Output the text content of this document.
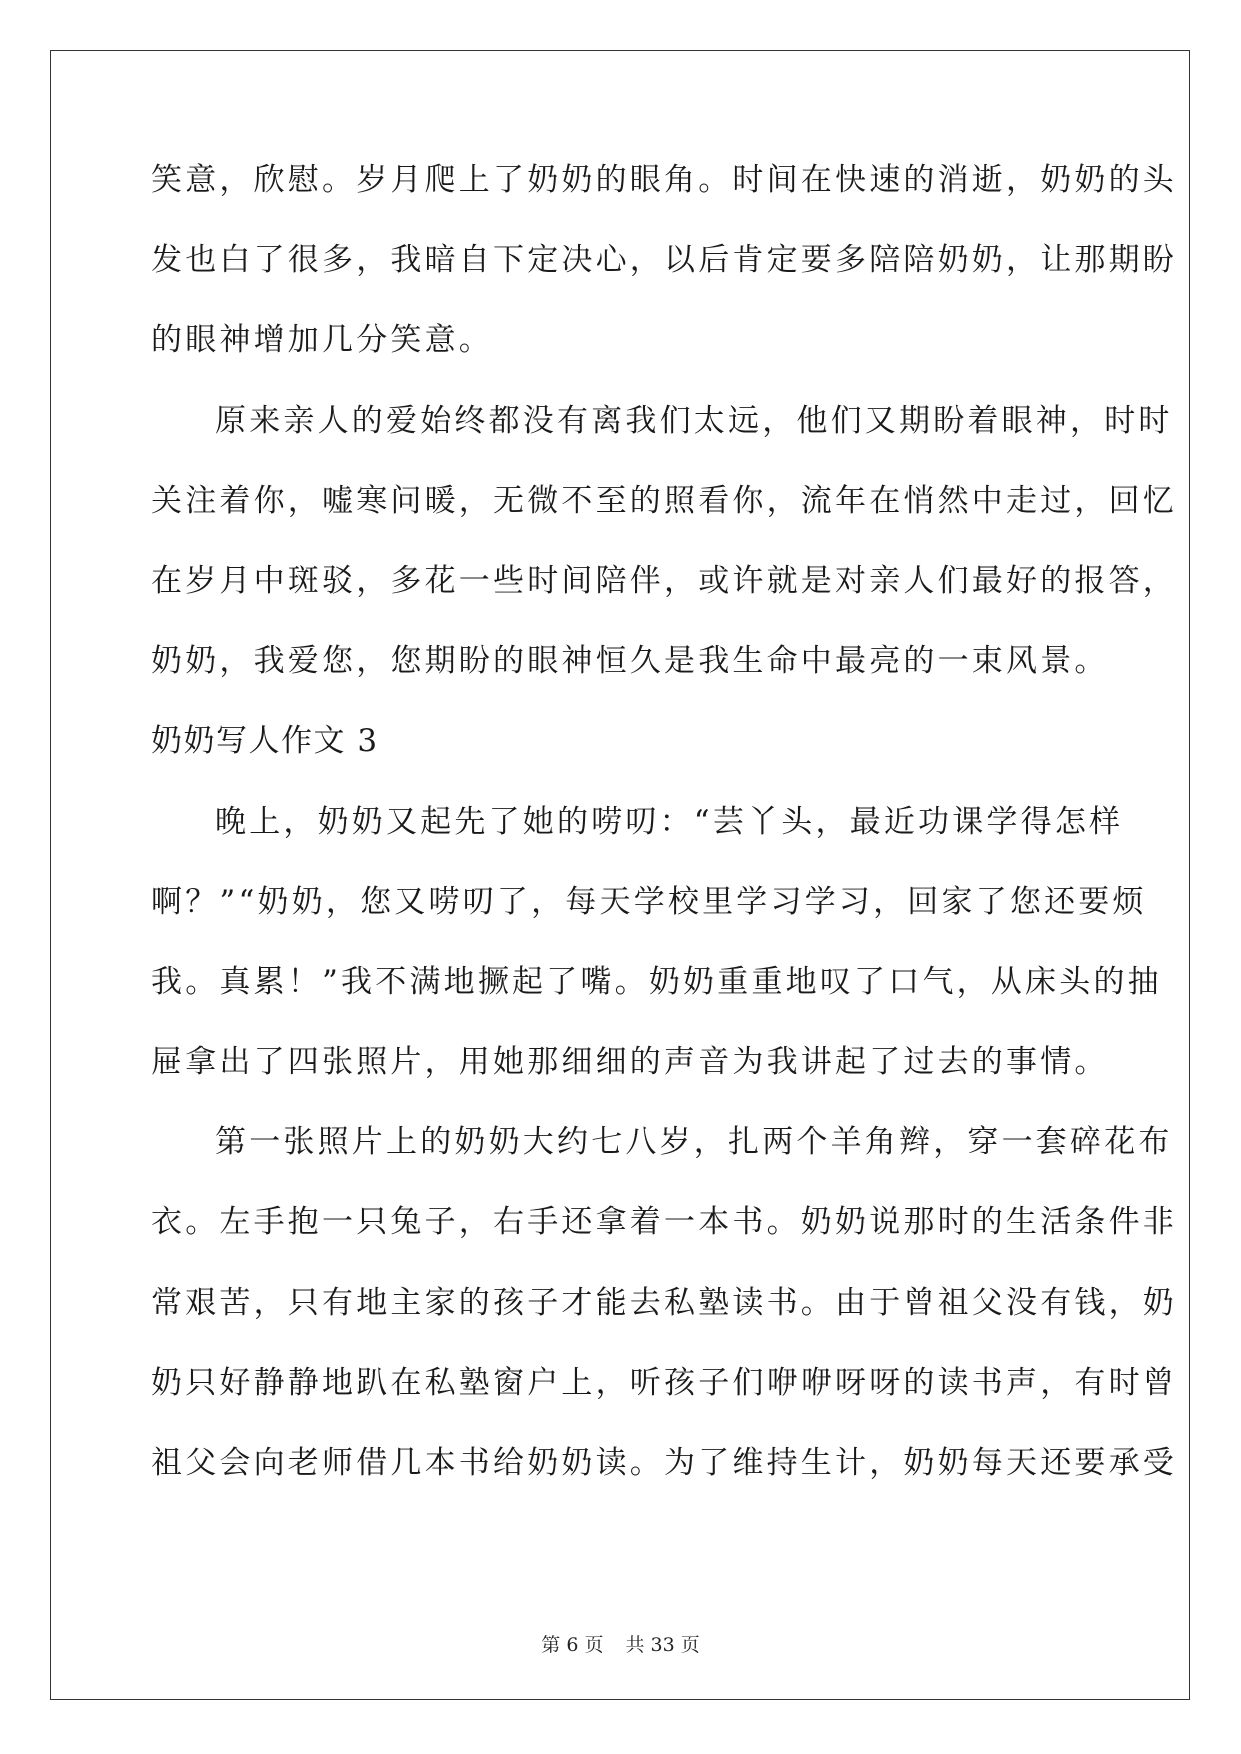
笑意，欣慰。岁月爬上了奶奶的眼角。时间在快速的消逝，奶奶的头
发也白了很多，我暗自下定决心，以后肯定要多陪陪奶奶，让那期盼
的眼神增加几分笑意。
原来亲人的爱始终都没有离我们太远，他们又期盼着眼神，时时
关注着你，嘘寒问暖，无微不至的照看你，流年在悄然中走过，回忆
在岁月中斑驳，多花一些时间陪伴，或许就是对亲人们最好的报答，
奶奶，我爱您，您期盼的眼神恒久是我生命中最亮的一束风景。
奶奶写人作文 3
晚上，奶奶又起先了她的唠叨：“芸丫头，最近功课学得怎样
啊？”“奶奶，您又唠叨了，每天学校里学习学习，回家了您还要烦
我。真累！”我不满地撅起了嘴。奶奶重重地叹了口气，从床头的抽
屉拿出了四张照片，用她那细细的声音为我讲起了过去的事情。
第一张照片上的奶奶大约七八岁，扎两个羊角辫，穿一套碎花布
衣。左手抱一只兔子，右手还拿着一本书。奶奶说那时的生活条件非
常艰苦，只有地主家的孩子才能去私塾读书。由于曾祖父没有钱，奶
奶只好静静地趴在私塾窗户上，听孩子们咿咿呀呀的读书声，有时曾
祖父会向老师借几本书给奶奶读。为了维持生计，奶奶每天还要承受
第 6 页 共 33 页
